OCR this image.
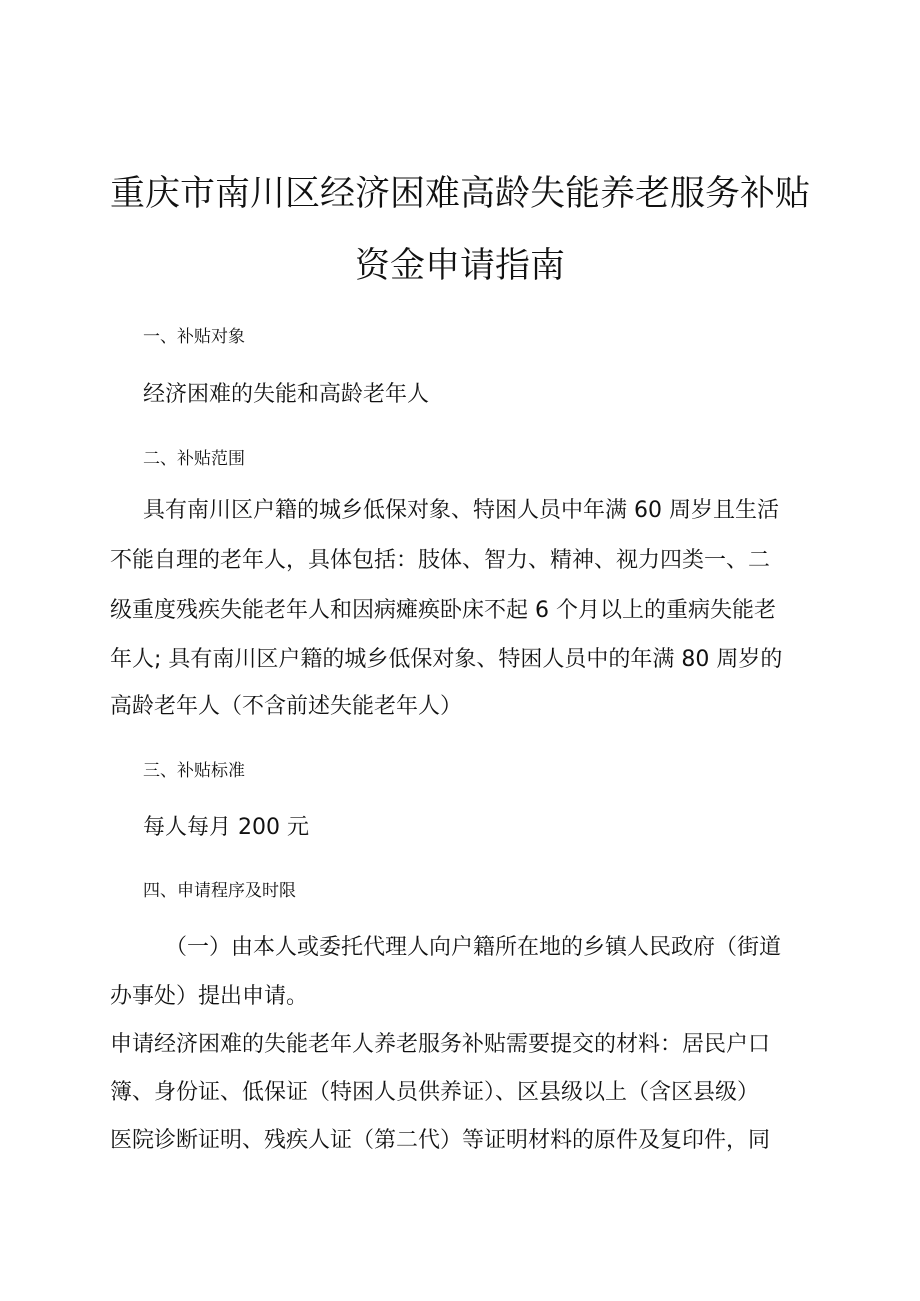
重庆市南川区经济困难高龄失能养老服务补贴
资金申请指南
一、补贴对象
经济困难的失能和高龄老年人
二、补贴范围
具有南川区户籍的城乡低保对象、特困人员中年满 60 周岁且生活
不能自理的老年人，具体包括：肢体、智力、精神、视力四类一、二
级重度残疾失能老年人和因病瘫痪卧床不起 6 个月以上的重病失能老
年人; 具有南川区户籍的城乡低保对象、特困人员中的年满 80 周岁的
高龄老年人（不含前述失能老年人）
三、补贴标准
每人每月 200 元
四、申请程序及时限
（一）由本人或委托代理人向户籍所在地的乡镇人民政府（街道
办事处）提出申请。
申请经济困难的失能老年人养老服务补贴需要提交的材料：居民户口
簿、身份证、低保证（特困人员供养证）、区县级以上（含区县级）
医院诊断证明、残疾人证（第二代）等证明材料的原件及复印件，同
